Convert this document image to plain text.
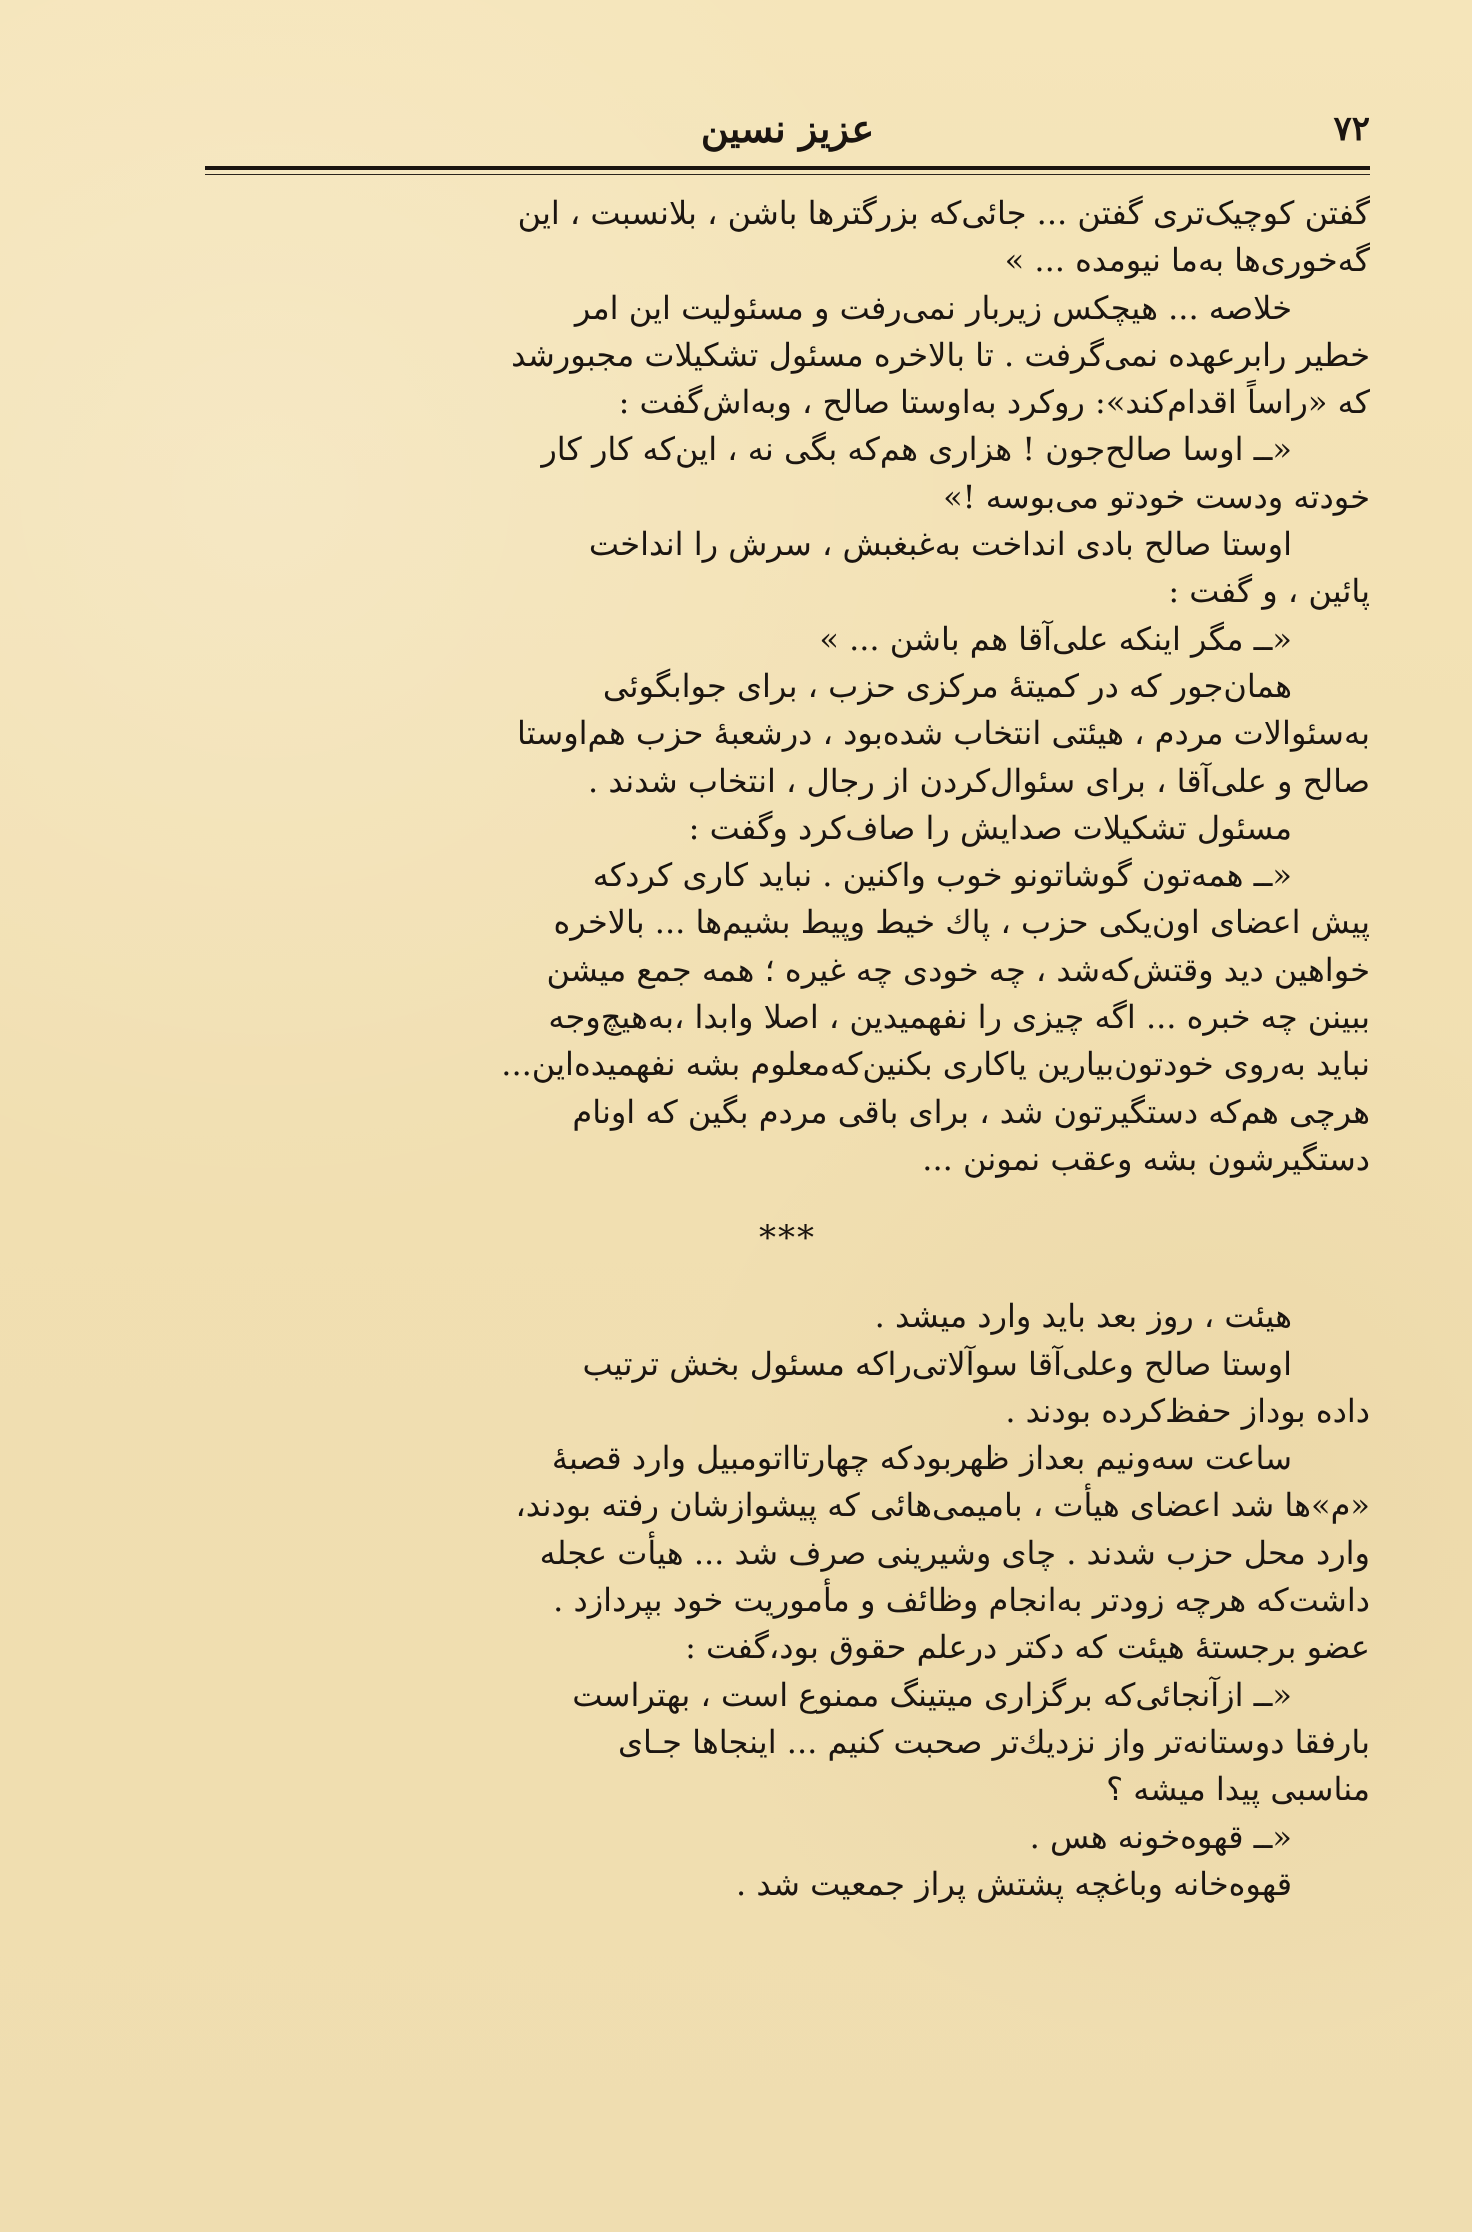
۷۲
عزیز نسین
گفتن کوچیک‌تری گفتن ... جائی‌که بزرگترها باشن ، بلانسبت ، این
گه‌خوری‌ها به‌ما نیومده ... »
خلاصه ... هیچکس زیربار نمی‌رفت و مسئولیت این امر
خطیر رابرعهده نمی‌گرفت . تا بالاخره مسئول تشکیلات مجبورشد
که «راساً اقدام‌کند»: روکرد به‌اوستا صالح ، وبه‌اش‌گفت :
«ــ اوسا صالح‌جون ! هزاری هم‌که بگی نه ، این‌که کار کار
خودته ودست خودتو می‌بوسه !»
اوستا صالح بادی انداخت به‌غبغبش ، سرش را انداخت
پائین ، و گفت :
«ــ مگر اینکه علی‌آقا هم باشن ... »
همان‌جور که در کمیتهٔ مرکزی حزب ، برای جوابگوئی
به‌سئوالات مردم ، هیئتی انتخاب شده‌بود ، درشعبهٔ حزب هم‌اوستا
صالح و علی‌آقا ، برای سئوال‌کردن از رجال ، انتخاب شدند .
مسئول تشکیلات صدایش را صاف‌کرد وگفت :
«ــ همه‌تون گوشاتونو خوب واکنین . نباید کاری کردکه
پیش اعضای اون‌یکی حزب ، پاك خیط وپیط بشیم‌ها ... بالاخره
خواهین دید وقتش‌که‌شد ، چه خودی چه غیره ؛ همه جمع میشن
ببینن چه خبره ... اگه چیزی را نفهمیدین ، اصلا وابدا ،به‌هیچ‌وجه
نباید به‌روی خودتون‌بیارین یاکاری بکنین‌که‌معلوم بشه نفهمیده‌این...
هرچی هم‌که دستگیرتون شد ، برای باقی مردم بگین که اونام
دستگیرشون بشه وعقب نمونن ...
***
هیئت ، روز بعد باید وارد میشد .
اوستا صالح وعلی‌آقا سوآلاتی‌راکه مسئول بخش ترتیب
داده بوداز حفظ‌کرده بودند .
ساعت سه‌ونیم بعداز ظهربودکه چهارتااتومبیل وارد قصبهٔ
«م»ها شد اعضای هیأت ، بامیمی‌هائی که پیشوازشان رفته بودند،
وارد محل حزب شدند . چای وشیرینی صرف شد ... هیأت عجله
داشت‌که هرچه زودتر به‌انجام وظائف و مأموریت خود بپردازد .
عضو برجستهٔ هیئت که دکتر درعلم حقوق بود،گفت :
«ــ ازآنجائی‌که برگزاری میتینگ ممنوع است ، بهتراست
بارفقا دوستانه‌تر واز نزدیك‌تر صحبت کنیم ... اینجاها جـای
مناسبی پیدا میشه ؟
«ــ قهوه‌خونه هس .
قهوه‌خانه وباغچه پشتش پراز جمعیت شد .
